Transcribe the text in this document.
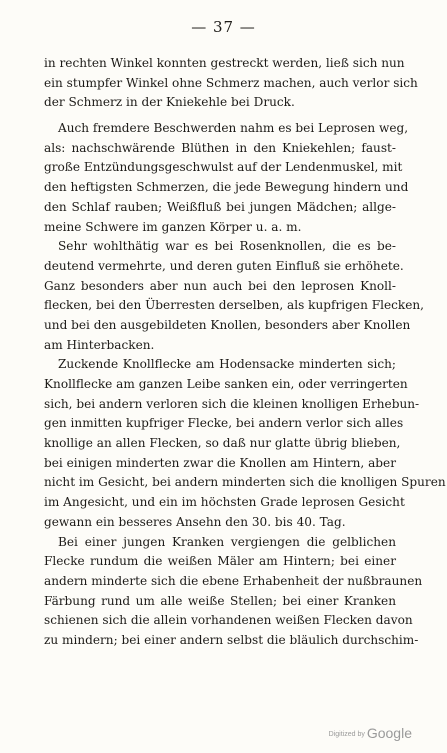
— 37 —
in rechten Winkel konnten gestreckt werden, ließ sich nun
ein stumpfer Winkel ohne Schmerz machen, auch verlor sich
der Schmerz in der Kniekehle bei Druck.
Auch fremdere Beschwerden nahm es bei Leprosen weg,
als: nachschwärende Blüthen in den Kniekehlen; faust-
große Entzündungsgeschwulst auf der Lendenmuskel, mit
den heftigsten Schmerzen, die jede Bewegung hindern und
den Schlaf rauben; Weißfluß bei jungen Mädchen; allge-
meine Schwere im ganzen Körper u. a. m.
Sehr wohlthätig war es bei Rosenknollen, die es be-
deutend vermehrte, und deren guten Einfluß sie erhöhete.
Ganz besonders aber nun auch bei den leprosen Knoll-
flecken, bei den Überresten derselben, als kupfrigen Flecken,
und bei den ausgebildeten Knollen, besonders aber Knollen
am Hinterbacken.
Zuckende Knollflecke am Hodensacke minderten sich;
Knollflecke am ganzen Leibe sanken ein, oder verringerten
sich, bei andern verloren sich die kleinen knolligen Erhebun-
gen inmitten kupfriger Flecke, bei andern verlor sich alles
knollige an allen Flecken, so daß nur glatte übrig blieben,
bei einigen minderten zwar die Knollen am Hintern, aber
nicht im Gesicht, bei andern minderten sich die knolligen Spuren
im Angesicht, und ein im höchsten Grade leprosen Gesicht
gewann ein besseres Ansehn den 30. bis 40. Tag.
Bei einer jungen Kranken vergiengen die gelblichen
Flecke rundum die weißen Mäler am Hintern; bei einer
andern minderte sich die ebene Erhabenheit der nußbraunen
Färbung rund um alle weiße Stellen; bei einer Kranken
schienen sich die allein vorhandenen weißen Flecken davon
zu mindern; bei einer andern selbst die bläulich durchschim-
Digitized by Google
